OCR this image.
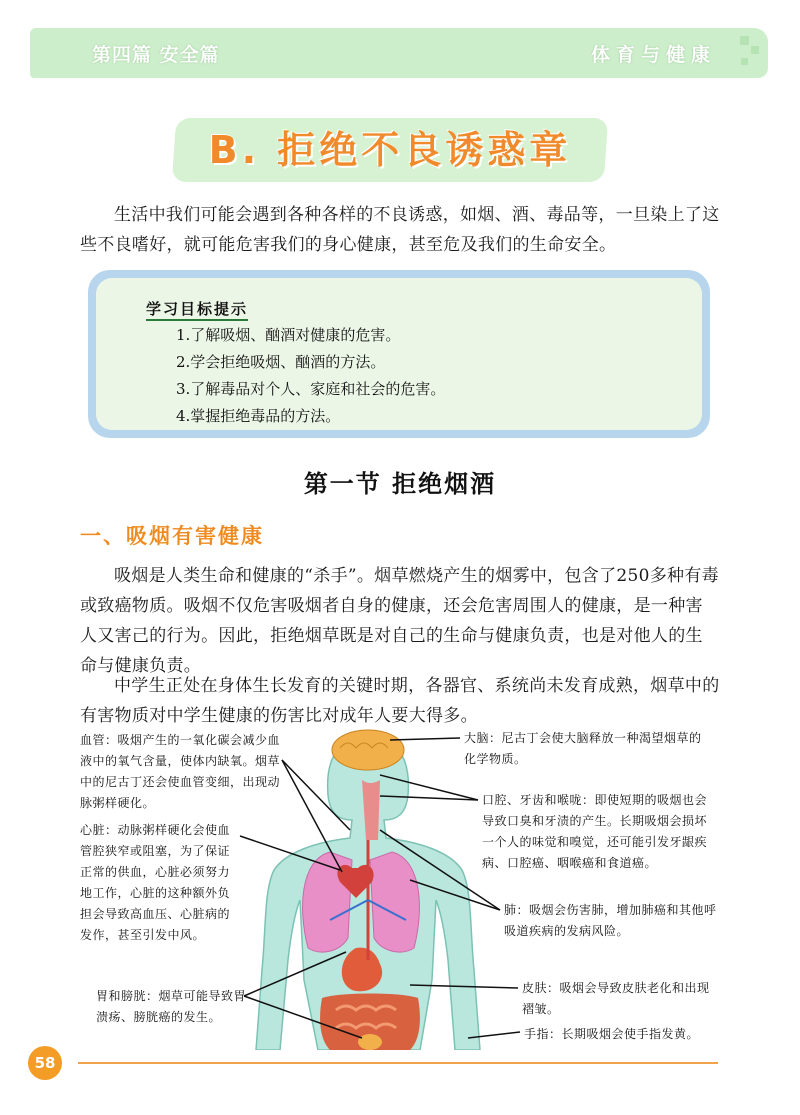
第四篇 安全篇	体育与健康
B. 拒绝不良诱惑章

生活中我们可能会遇到各种各样的不良诱惑，如烟、酒、毒品等，一旦染上了这些不良嗜好，就可能危害我们的身心健康，甚至危及我们的生命安全。

学习目标提示
1.了解吸烟、酗酒对健康的危害。
2.学会拒绝吸烟、酗酒的方法。
3.了解毒品对个人、家庭和社会的危害。
4.掌握拒绝毒品的方法。
第一节 拒绝烟酒
一、吸烟有害健康

吸烟是人类生命和健康的“杀手”。烟草燃烧产生的烟雾中，包含了250多种有毒或致癌物质。吸烟不仅危害吸烟者自身的健康，还会危害周围人的健康，是一种害人又害己的行为。因此，拒绝烟草既是对自己的生命与健康负责，也是对他人的生命与健康负责。

中学生正处在身体生长发育的关键时期，各器官、系统尚未发育成熟，烟草中的有害物质对中学生健康的伤害比对成年人要大得多。

血管：吸烟产生的一氧化碳会减少血液中的氧气含量，使体内缺氧。烟草中的尼古丁还会使血管变细，出现动脉粥样硬化。
心脏：动脉粥样硬化会使血管腔狭窄或阻塞，为了保证正常的供血，心脏必须努力地工作，心脏的这种额外负担会导致高血压、心脏病的发作，甚至引发中风。
胃和膀胱：烟草可能导致胃溃疡、膀胱癌的发生。
大脑：尼古丁会使大脑释放一种渴望烟草的化学物质。
口腔、牙齿和喉咙：即使短期的吸烟也会导致口臭和牙渍的产生。长期吸烟会损坏一个人的味觉和嗅觉，还可能引发牙龈疾病、口腔癌、咽喉癌和食道癌。
肺：吸烟会伤害肺，增加肺癌和其他呼吸道疾病的发病风险。
皮肤：吸烟会导致皮肤老化和出现褶皱。
手指：长期吸烟会使手指发黄。
58
